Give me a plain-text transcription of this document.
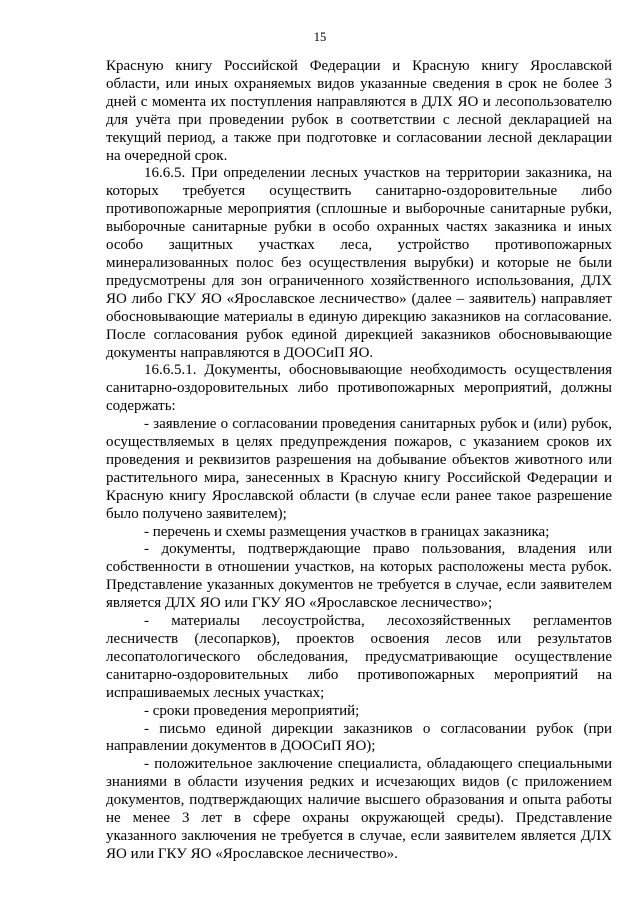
15

Красную книгу Российской Федерации и Красную книгу Ярославской области, или иных охраняемых видов указанные сведения в срок не более 3 дней с момента их поступления направляются в ДЛХ ЯО и лесопользователю для учёта при проведении рубок в соответствии с лесной декларацией на текущий период, а также при подготовке и согласовании лесной декларации на очередной срок.

16.6.5. При определении лесных участков на территории заказника, на которых требуется осуществить санитарно-оздоровительные либо противопожарные мероприятия (сплошные и выборочные санитарные рубки, выборочные санитарные рубки в особо охранных частях заказника и иных особо защитных участках леса, устройство противопожарных минерализованных полос без осуществления вырубки) и которые не были предусмотрены для зон ограниченного хозяйственного использования, ДЛХ ЯО либо ГКУ ЯО «Ярославское лесничество» (далее – заявитель) направляет обосновывающие материалы в единую дирекцию заказников на согласование. После согласования рубок единой дирекцией заказников обосновывающие документы направляются в ДООСиП ЯО.

16.6.5.1. Документы, обосновывающие необходимость осуществления санитарно-оздоровительных либо противопожарных мероприятий, должны содержать:

- заявление о согласовании проведения санитарных рубок и (или) рубок, осуществляемых в целях предупреждения пожаров, с указанием сроков их проведения и реквизитов разрешения на добывание объектов животного или растительного мира, занесенных в Красную книгу Российской Федерации и Красную книгу Ярославской области (в случае если ранее такое разрешение было получено заявителем);

- перечень и схемы размещения участков в границах заказника;

- документы, подтверждающие право пользования, владения или собственности в отношении участков, на которых расположены места рубок. Представление указанных документов не требуется в случае, если заявителем является ДЛХ ЯО или ГКУ ЯО «Ярославское лесничество»;

- материалы лесоустройства, лесохозяйственных регламентов лесничеств (лесопарков), проектов освоения лесов или результатов лесопатологического обследования, предусматривающие осуществление санитарно-оздоровительных либо противопожарных мероприятий на испрашиваемых лесных участках;

- сроки проведения мероприятий;

- письмо единой дирекции заказников о согласовании рубок (при направлении документов в ДООСиП ЯО);

- положительное заключение специалиста, обладающего специальными знаниями в области изучения редких и исчезающих видов (с приложением документов, подтверждающих наличие высшего образования и опыта работы не менее 3 лет в сфере охраны окружающей среды). Представление указанного заключения не требуется в случае, если заявителем является ДЛХ ЯО или ГКУ ЯО «Ярославское лесничество».
